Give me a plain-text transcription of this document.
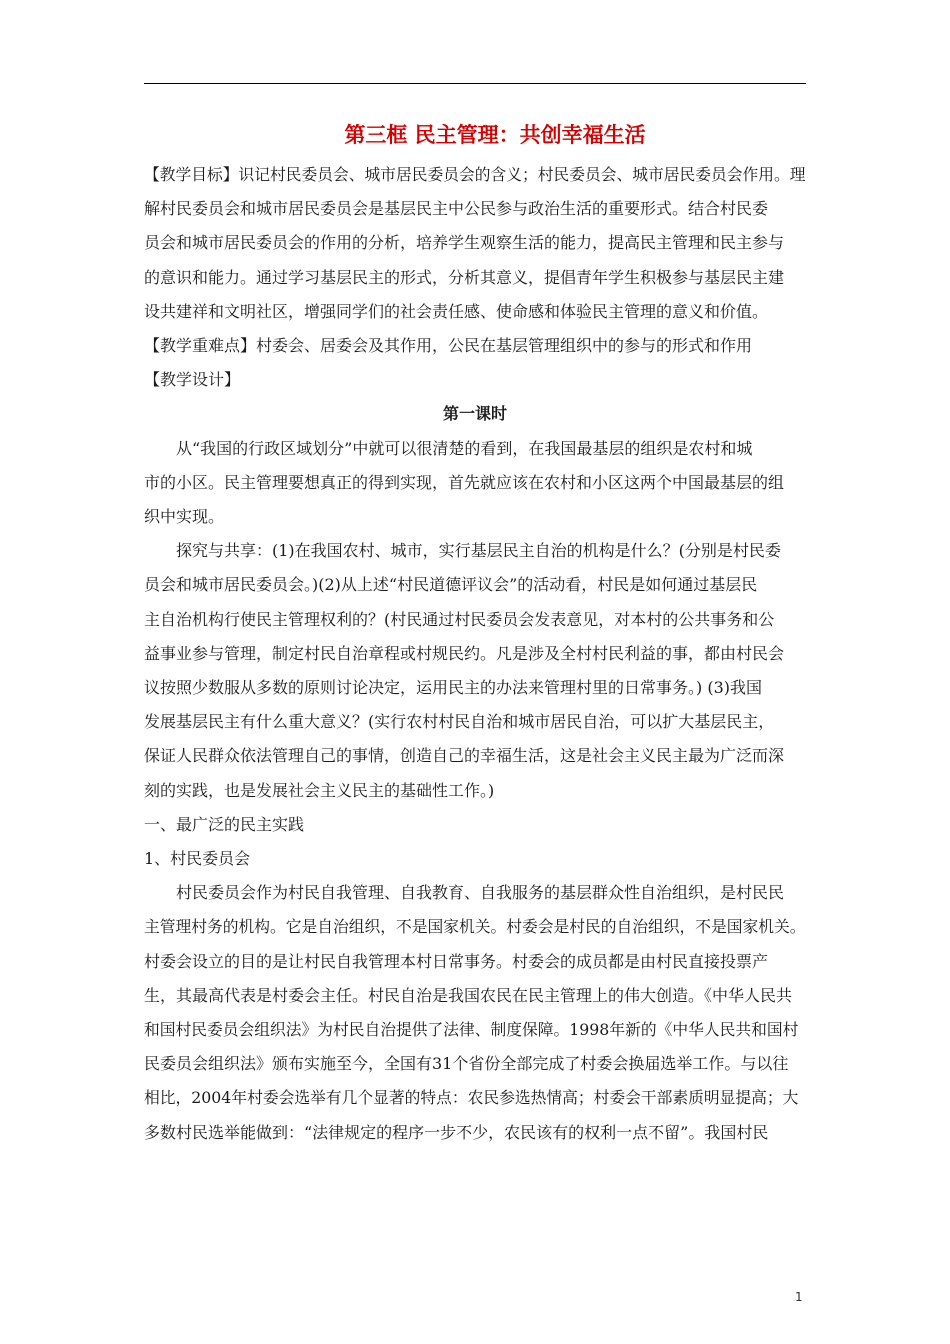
第三框 民主管理：共创幸福生活

【教学目标】识记村民委员会、城市居民委员会的含义；村民委员会、城市居民委员会作用。理

解村民委员会和城市居民委员会是基层民主中公民参与政治生活的重要形式。结合村民委

员会和城市居民委员会的作用的分析，培养学生观察生活的能力，提高民主管理和民主参与

的意识和能力。通过学习基层民主的形式，分析其意义，提倡青年学生积极参与基层民主建

设共建祥和文明社区，增强同学们的社会责任感、使命感和体验民主管理的意义和价值。

【教学重难点】村委会、居委会及其作用，公民在基层管理组织中的参与的形式和作用

【教学设计】

第一课时

从“我国的行政区域划分”中就可以很清楚的看到，在我国最基层的组织是农村和城

市的小区。民主管理要想真正的得到实现，首先就应该在农村和小区这两个中国最基层的组

织中实现。

探究与共享：(1)在我国农村、城市，实行基层民主自治的机构是什么？(分别是村民委

员会和城市居民委员会。)(2)从上述“村民道德评议会”的活动看，村民是如何通过基层民

主自治机构行使民主管理权利的？(村民通过村民委员会发表意见，对本村的公共事务和公

益事业参与管理，制定村民自治章程或村规民约。凡是涉及全村村民利益的事，都由村民会

议按照少数服从多数的原则讨论决定，运用民主的办法来管理村里的日常事务。) (3)我国

发展基层民主有什么重大意义？(实行农村村民自治和城市居民自治，可以扩大基层民主，

保证人民群众依法管理自己的事情，创造自己的幸福生活，这是社会主义民主最为广泛而深

刻的实践，也是发展社会主义民主的基础性工作。)

一、最广泛的民主实践

1、村民委员会

村民委员会作为村民自我管理、自我教育、自我服务的基层群众性自治组织，是村民民

主管理村务的机构。它是自治组织，不是国家机关。村委会是村民的自治组织，不是国家机关。

村委会设立的目的是让村民自我管理本村日常事务。村委会的成员都是由村民直接投票产

生，其最高代表是村委会主任。村民自治是我国农民在民主管理上的伟大创造。《中华人民共

和国村民委员会组织法》为村民自治提供了法律、制度保障。1998年新的《中华人民共和国村

民委员会组织法》颁布实施至今，全国有31个省份全部完成了村委会换届选举工作。与以往

相比，2004年村委会选举有几个显著的特点：农民参选热情高；村委会干部素质明显提高；大

多数村民选举能做到：“法律规定的程序一步不少，农民该有的权利一点不留”。我国村民

1
